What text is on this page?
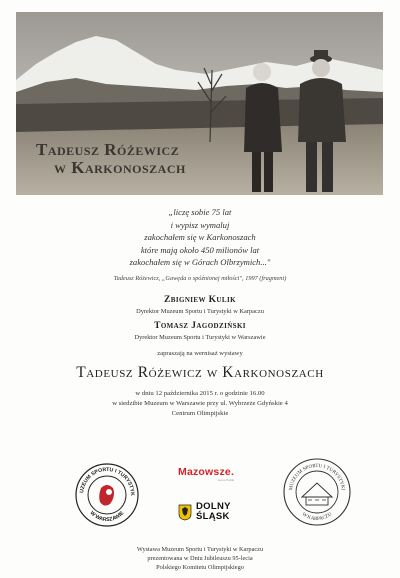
Tadeusz Różewicz
w Karkonoszach
„liczę sobie 75 lat
i wypisz wymaluj
zakochałem się w Karkonoszach
które mają około 450 milionów lat
zakochałem się w Górach Olbrzymich..."
Tadeusz Różewicz, „Gawęda o spóźnionej miłości", 1997 (fragment)
Zbigniew Kulik
Dyrektor Muzeum Sportu i Turystyki w Karpaczu
Tomasz Jagodziński
Dyrektor Muzeum Sportu i Turystyki w Warszawie
zapraszają na wernisaż wystawy
Tadeusz Różewicz w Karkonoszach
w dniu 12 października 2015 r. o godzinie 16.00
w siedzibie Muzeum w Warszawie przy ul. Wybrzeże Gdyńskie 4
Centrum Olimpijskie
UZEUM SPORTU I TURYSTYK
W WARSZAWIE
Mazowsze.
serce Polski
DOLNY
ŚLĄSK
MUZEUM SPORTU I TURYSTYKI
W KARPACZU
Wystawa Muzeum Sportu i Turystyki w Karpaczu
prezentowana w Dniu Jubileuszu 95-lecia
Polskiego Komitetu Olimpijskiego
